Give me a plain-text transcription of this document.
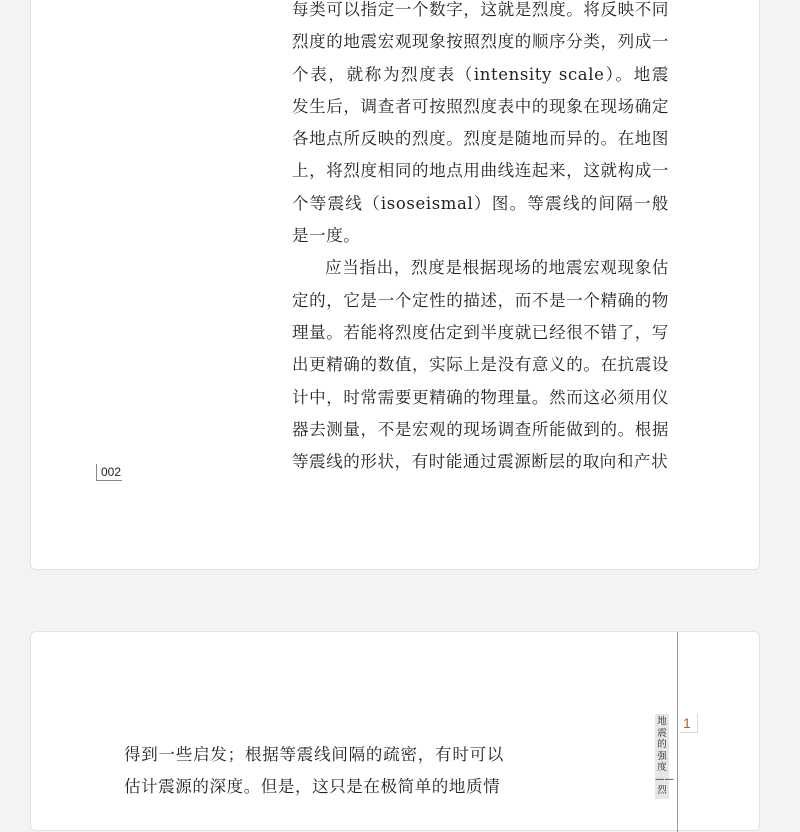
每类可以指定一个数字，这就是烈度。将反映不同烈度的地震宏观现象按照烈度的顺序分类，列成一个表，就称为烈度表（intensity scale）。地震发生后，调查者可按照烈度表中的现象在现场确定各地点所反映的烈度。烈度是随地而异的。在地图上，将烈度相同的地点用曲线连起来，这就构成一个等震线（isoseismal）图。等震线的间隔一般是一度。

应当指出，烈度是根据现场的地震宏观现象估定的，它是一个定性的描述，而不是一个精确的物理量。若能将烈度估定到半度就已经很不错了，写出更精确的数值，实际上是没有意义的。在抗震设计中，时常需要更精确的物理量。然而这必须用仪器去测量，不是宏观的现场调查所能做到的。根据等震线的形状，有时能通过震源断层的取向和产状

002
1
地震的强度——烈

得到一些启发；根据等震线间隔的疏密，有时可以估计震源的深度。但是，这只是在极简单的地质情
